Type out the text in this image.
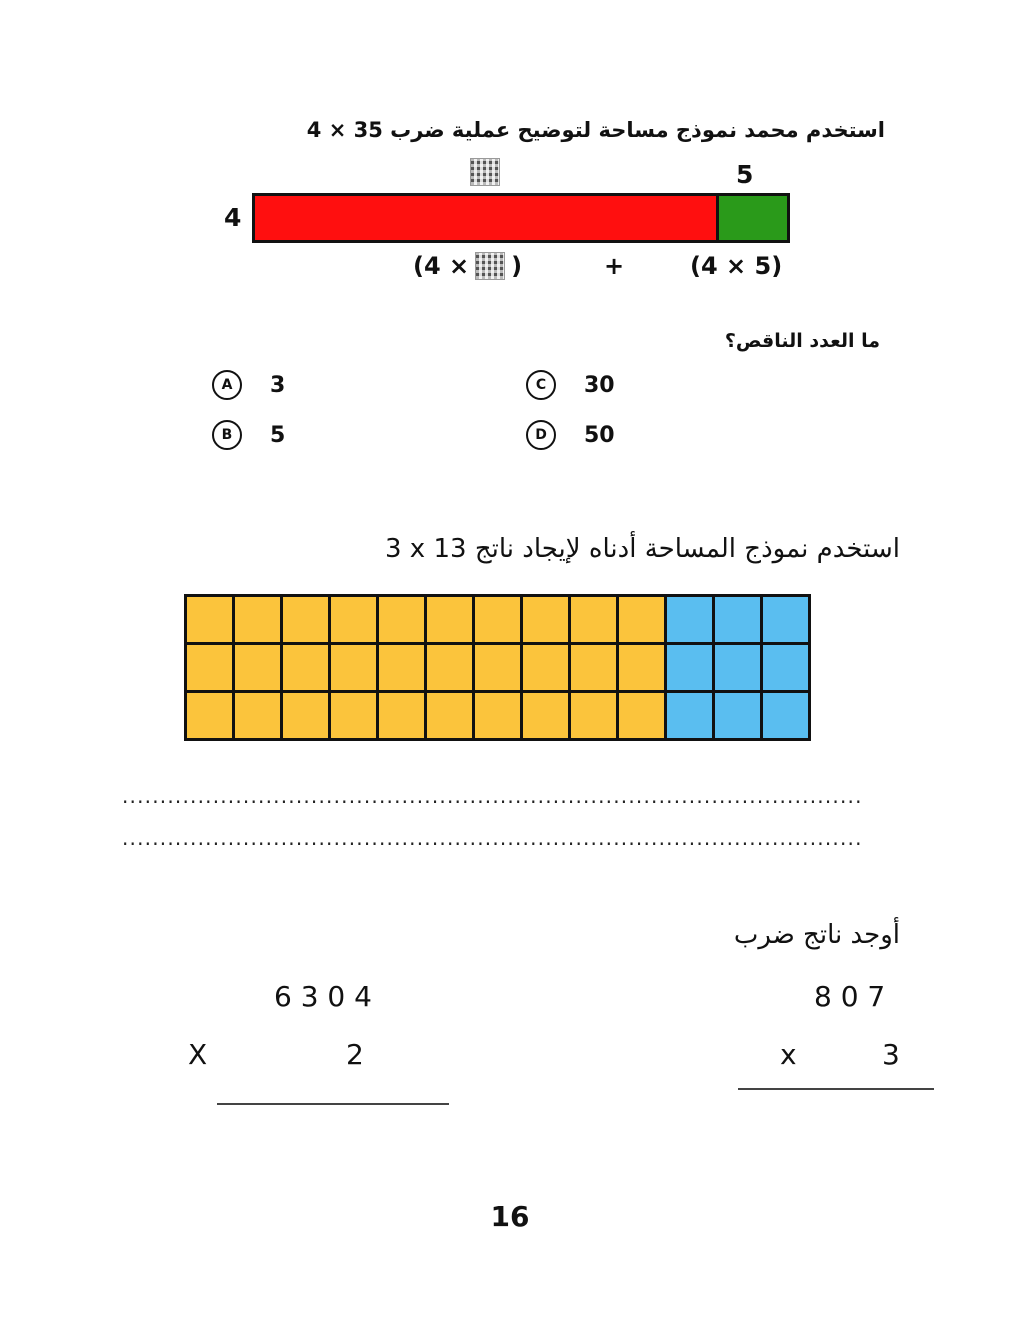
استخدم محمد نموذج مساحة لتوضيح عملية ضرب 4 × 35
5
4
(4 × )	+	(4 × 5)
ما العدد الناقص؟
A	3
B	5
C	30
D	50
استخدم نموذج المساحة أدناه لإيجاد ناتج 3 x 13
..................................................................................................
..................................................................................................
أوجد ناتج ضرب
6 3 0 4
X	2
8 0 7
x	3
16
